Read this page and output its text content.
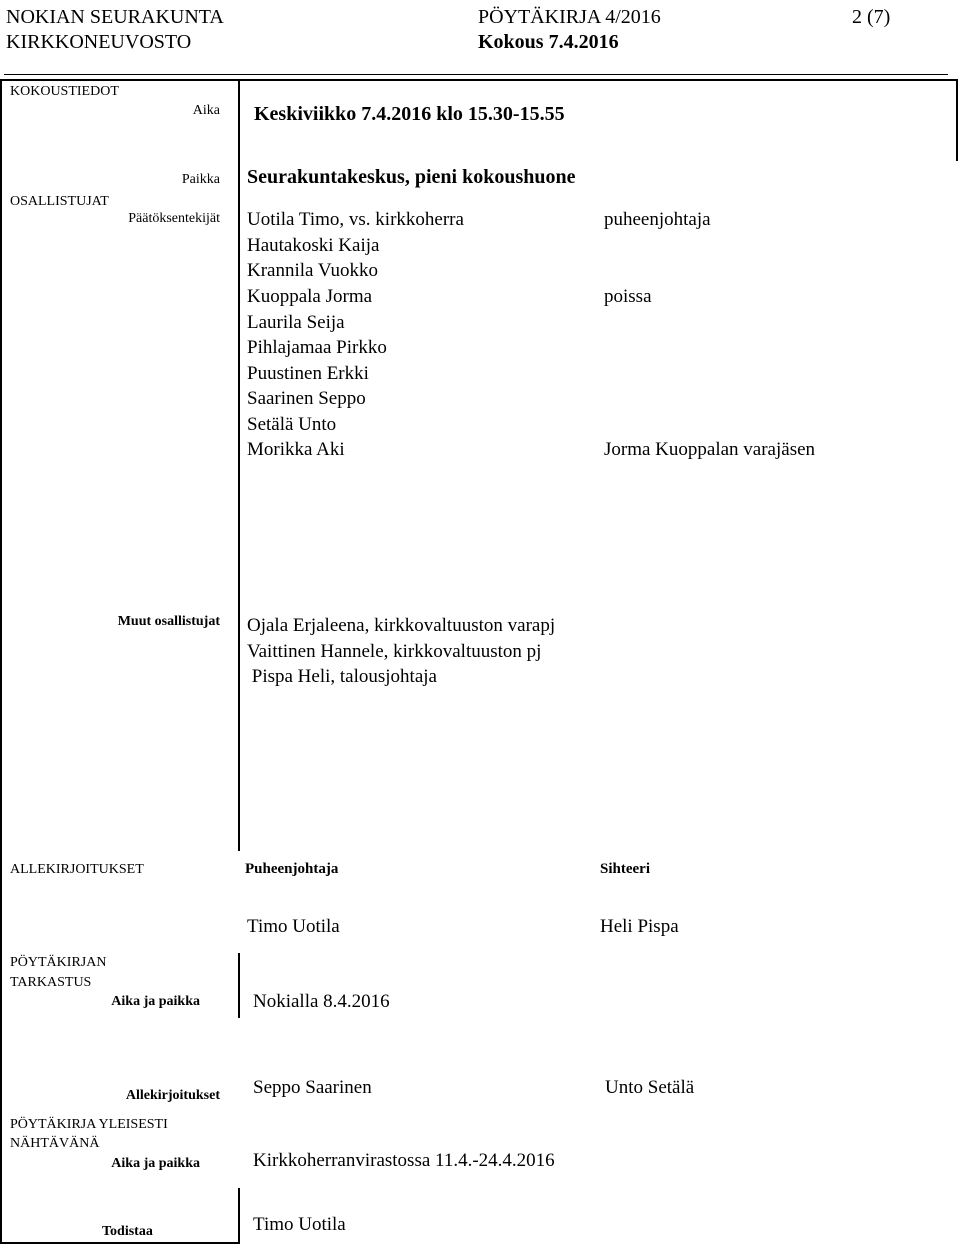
NOKIAN SEURAKUNTA
KIRKKONEUVOSTO
PÖYTÄKIRJA 4/2016
Kokous 7.4.2016
2 (7)
KOKOUSTIEDOT
Aika Keskiviikko 7.4.2016 klo 15.30-15.55
Paikka Seurakuntakeskus, pieni kokoushuone
OSALLISTUJAT
Päätöksentekijät Uotila Timo, vs. kirkkoherra	puheenjohtaja
Hautakoski Kaija
Krannila Vuokko
Kuoppala Jorma	poissa
Laurila Seija
Pihlajamaa Pirkko
Puustinen Erkki
Saarinen Seppo
Setälä Unto
Morikka Aki	Jorma Kuoppalan varajäsen
Muut osallistujat Ojala Erjaleena, kirkkovaltuuston varapj
Vaittinen Hannele, kirkkovaltuuston pj
Pispa Heli, talousjohtaja
ALLEKIRJOITUKSET	Puheenjohtaja	Sihteeri
Timo Uotila	Heli Pispa
PÖYTÄKIRJAN
TARKASTUS
Aika ja paikka	Nokialla 8.4.2016
Allekirjoitukset Seppo Saarinen	Unto Setälä
PÖYTÄKIRJA YLEISESTI
NÄHTÄVÄNÄ
Aika ja paikka	Kirkkoherranvirastossa 11.4.-24.4.2016
Todistaa	Timo Uotila
